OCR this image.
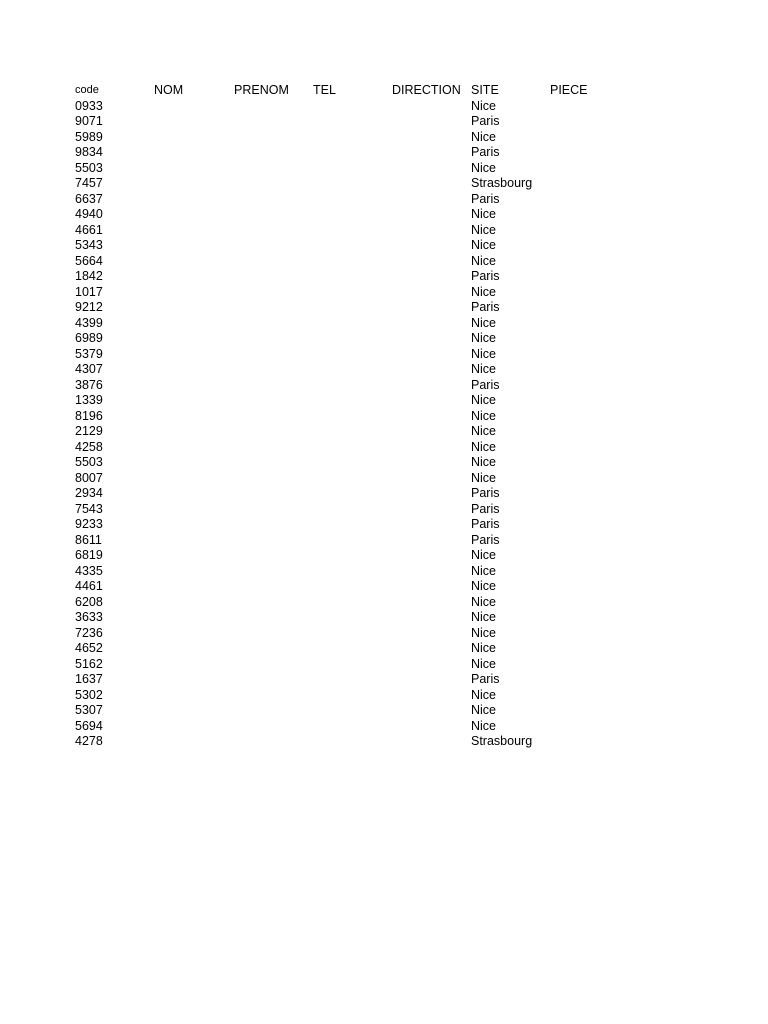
code	NOM	PRENOM	TEL	DIRECTION	SITE	PIECE
0933					Nice	
9071					Paris	
5989					Nice	
9834					Paris	
5503					Nice	
7457					Strasbourg	
6637					Paris	
4940					Nice	
4661					Nice	
5343					Nice	
5664					Nice	
1842					Paris	
1017					Nice	
9212					Paris	
4399					Nice	
6989					Nice	
5379					Nice	
4307					Nice	
3876					Paris	
1339					Nice	
8196					Nice	
2129					Nice	
4258					Nice	
5503					Nice	
8007					Nice	
2934					Paris	
7543					Paris	
9233					Paris	
8611					Paris	
6819					Nice	
4335					Nice	
4461					Nice	
6208					Nice	
3633					Nice	
7236					Nice	
4652					Nice	
5162					Nice	
1637					Paris	
5302					Nice	
5307					Nice	
5694					Nice	
4278					Strasbourg	
